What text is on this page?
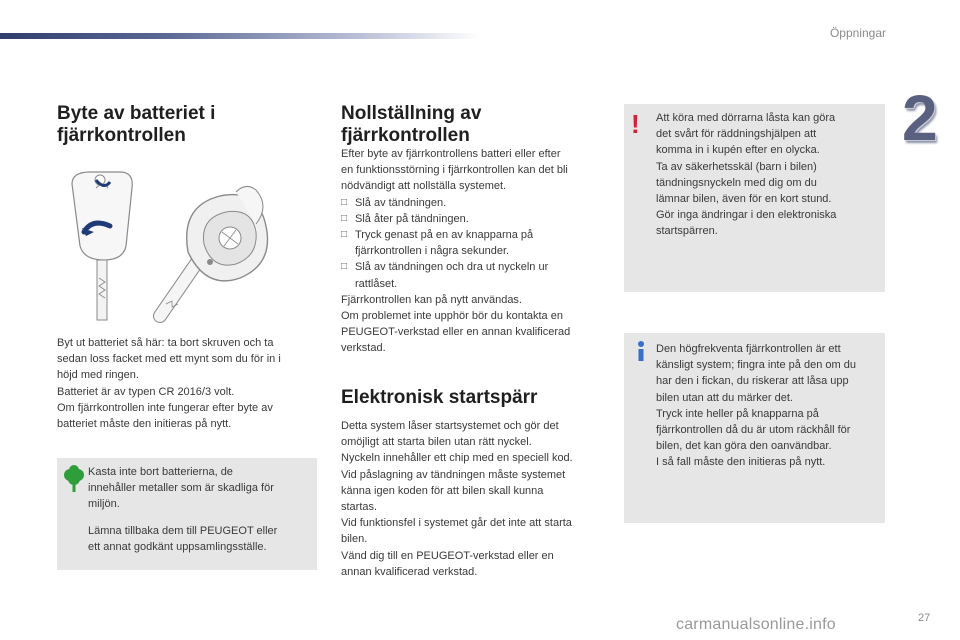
Öppningar
2
Byte av batteriet i
fjärrkontrollen

Byt ut batteriet så här: ta bort skruven och ta

sedan loss facket med ett mynt som du för in i

höjd med ringen.

Batteriet är av typen CR 2016/3 volt.

Om fjärrkontrollen inte fungerar efter byte av

batteriet måste den initieras på nytt.

Kasta inte bort batterierna, de

innehåller metaller som är skadliga för

miljön.

Lämna tillbaka dem till PEUGEOT eller

ett annat godkänt uppsamlingsställe.

Nollställning av
fjärrkontrollen

Efter byte av fjärrkontrollens batteri eller efter

en funktionsstörning i fjärrkontrollen kan det bli

nödvändigt att nollställa systemet.

□ Slå av tändningen.

□ Slå åter på tändningen.

□ Tryck genast på en av knapparna på

fjärrkontrollen i några sekunder.

□ Slå av tändningen och dra ut nyckeln ur

rattlåset.

Fjärrkontrollen kan på nytt användas.

Om problemet inte upphör bör du kontakta en

PEUGEOT-verkstad eller en annan kvalificerad

verkstad.

Elektronisk startspärr

Detta system låser startsystemet och gör det

omöjligt att starta bilen utan rätt nyckel.

Nyckeln innehåller ett chip med en speciell kod.

Vid påslagning av tändningen måste systemet

känna igen koden för att bilen skall kunna

startas.

Vid funktionsfel i systemet går det inte att starta

bilen.

Vänd dig till en PEUGEOT-verkstad eller en

annan kvalificerad verkstad.

Att köra med dörrarna låsta kan göra

det svårt för räddningshjälpen att

komma in i kupén efter en olycka.

Ta av säkerhetsskäl (barn i bilen)

tändningsnyckeln med dig om du

lämnar bilen, även för en kort stund.

Gör inga ändringar i den elektroniska

startspärren.

!

Den högfrekventa fjärrkontrollen är ett

känsligt system; fingra inte på den om du

har den i fickan, du riskerar att låsa upp

bilen utan att du märker det.

Tryck inte heller på knapparna på

fjärrkontrollen då du är utom räckhåll för

bilen, det kan göra den oanvändbar.

I så fall måste den initieras på nytt.

27
carmanualsonline.info
